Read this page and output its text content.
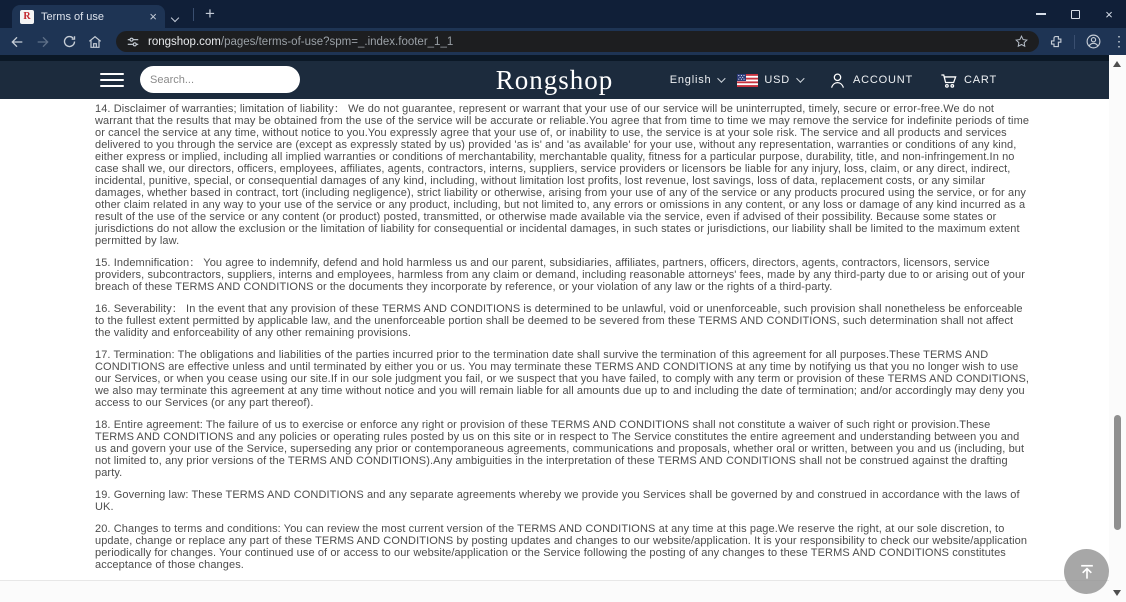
R Terms of use	×	+	×
rongshop.com/pages/terms-of-use?spm=_.index.footer_1_1	⋮
Rongshop
Search...	English	USD	ACCOUNT	CART

14. Disclaimer of warranties; limitation of liability： We do not guarantee, represent or warrant that your use of our service will be uninterrupted, timely, secure or error-free.We do not warrant that the results that may be obtained from the use of the service will be accurate or reliable.You agree that from time to time we may remove the service for indefinite periods of time or cancel the service at any time, without notice to you.You expressly agree that your use of, or inability to use, the service is at your sole risk. The service and all products and services delivered to you through the service are (except as expressly stated by us) provided 'as is' and 'as available' for your use, without any representation, warranties or conditions of any kind, either express or implied, including all implied warranties or conditions of merchantability, merchantable quality, fitness for a particular purpose, durability, title, and non-infringement.In no case shall we, our directors, officers, employees, affiliates, agents, contractors, interns, suppliers, service providers or licensors be liable for any injury, loss, claim, or any direct, indirect, incidental, punitive, special, or consequential damages of any kind, including, without limitation lost profits, lost revenue, lost savings, loss of data, replacement costs, or any similar damages, whether based in contract, tort (including negligence), strict liability or otherwise, arising from your use of any of the service or any products procured using the service, or for any other claim related in any way to your use of the service or any product, including, but not limited to, any errors or omissions in any content, or any loss or damage of any kind incurred as a result of the use of the service or any content (or product) posted, transmitted, or otherwise made available via the service, even if advised of their possibility. Because some states or jurisdictions do not allow the exclusion or the limitation of liability for consequential or incidental damages, in such states or jurisdictions, our liability shall be limited to the maximum extent permitted by law.

15. Indemnification： You agree to indemnify, defend and hold harmless us and our parent, subsidiaries, affiliates, partners, officers, directors, agents, contractors, licensors, service providers, subcontractors, suppliers, interns and employees, harmless from any claim or demand, including reasonable attorneys' fees, made by any third-party due to or arising out of your breach of these TERMS AND CONDITIONS or the documents they incorporate by reference, or your violation of any law or the rights of a third-party.

16. Severability： In the event that any provision of these TERMS AND CONDITIONS is determined to be unlawful, void or unenforceable, such provision shall nonetheless be enforceable to the fullest extent permitted by applicable law, and the unenforceable portion shall be deemed to be severed from these TERMS AND CONDITIONS, such determination shall not affect the validity and enforceability of any other remaining provisions.

17. Termination: The obligations and liabilities of the parties incurred prior to the termination date shall survive the termination of this agreement for all purposes.These TERMS AND CONDITIONS are effective unless and until terminated by either you or us. You may terminate these TERMS AND CONDITIONS at any time by notifying us that you no longer wish to use our Services, or when you cease using our site.If in our sole judgment you fail, or we suspect that you have failed, to comply with any term or provision of these TERMS AND CONDITIONS, we also may terminate this agreement at any time without notice and you will remain liable for all amounts due up to and including the date of termination; and/or accordingly may deny you access to our Services (or any part thereof).

18. Entire agreement: The failure of us to exercise or enforce any right or provision of these TERMS AND CONDITIONS shall not constitute a waiver of such right or provision.These TERMS AND CONDITIONS and any policies or operating rules posted by us on this site or in respect to The Service constitutes the entire agreement and understanding between you and us and govern your use of the Service, superseding any prior or contemporaneous agreements, communications and proposals, whether oral or written, between you and us (including, but not limited to, any prior versions of the TERMS AND CONDITIONS).Any ambiguities in the interpretation of these TERMS AND CONDITIONS shall not be construed against the drafting party.

19. Governing law: These TERMS AND CONDITIONS and any separate agreements whereby we provide you Services shall be governed by and construed in accordance with the laws of UK.

20. Changes to terms and conditions: You can review the most current version of the TERMS AND CONDITIONS at any time at this page.We reserve the right, at our sole discretion, to update, change or replace any part of these TERMS AND CONDITIONS by posting updates and changes to our website/application. It is your responsibility to check our website/application periodically for changes. Your continued use of or access to our website/application or the Service following the posting of any changes to these TERMS AND CONDITIONS constitutes acceptance of those changes.
